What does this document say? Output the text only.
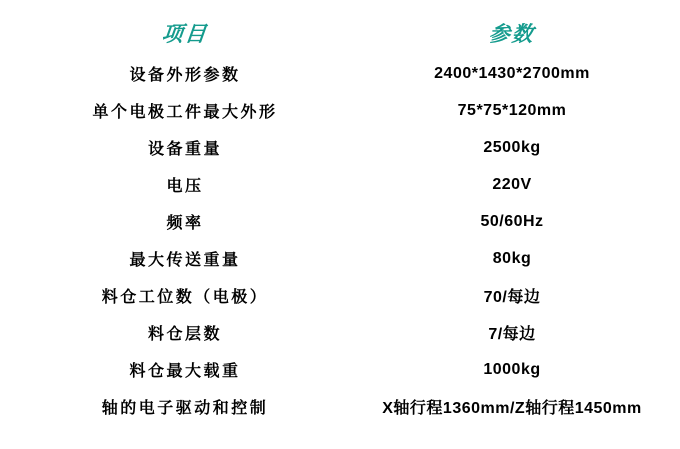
项目	参数
设备外形参数	2400*1430*2700mm
单个电极工件最大外形	75*75*120mm
设备重量	2500kg
电压	220V
频率	50/60Hz
最大传送重量	80kg
料仓工位数（电极）	70/每边
料仓层数	7/每边
料仓最大载重	1000kg
轴的电子驱动和控制	X轴行程1360mm/Z轴行程1450mm
